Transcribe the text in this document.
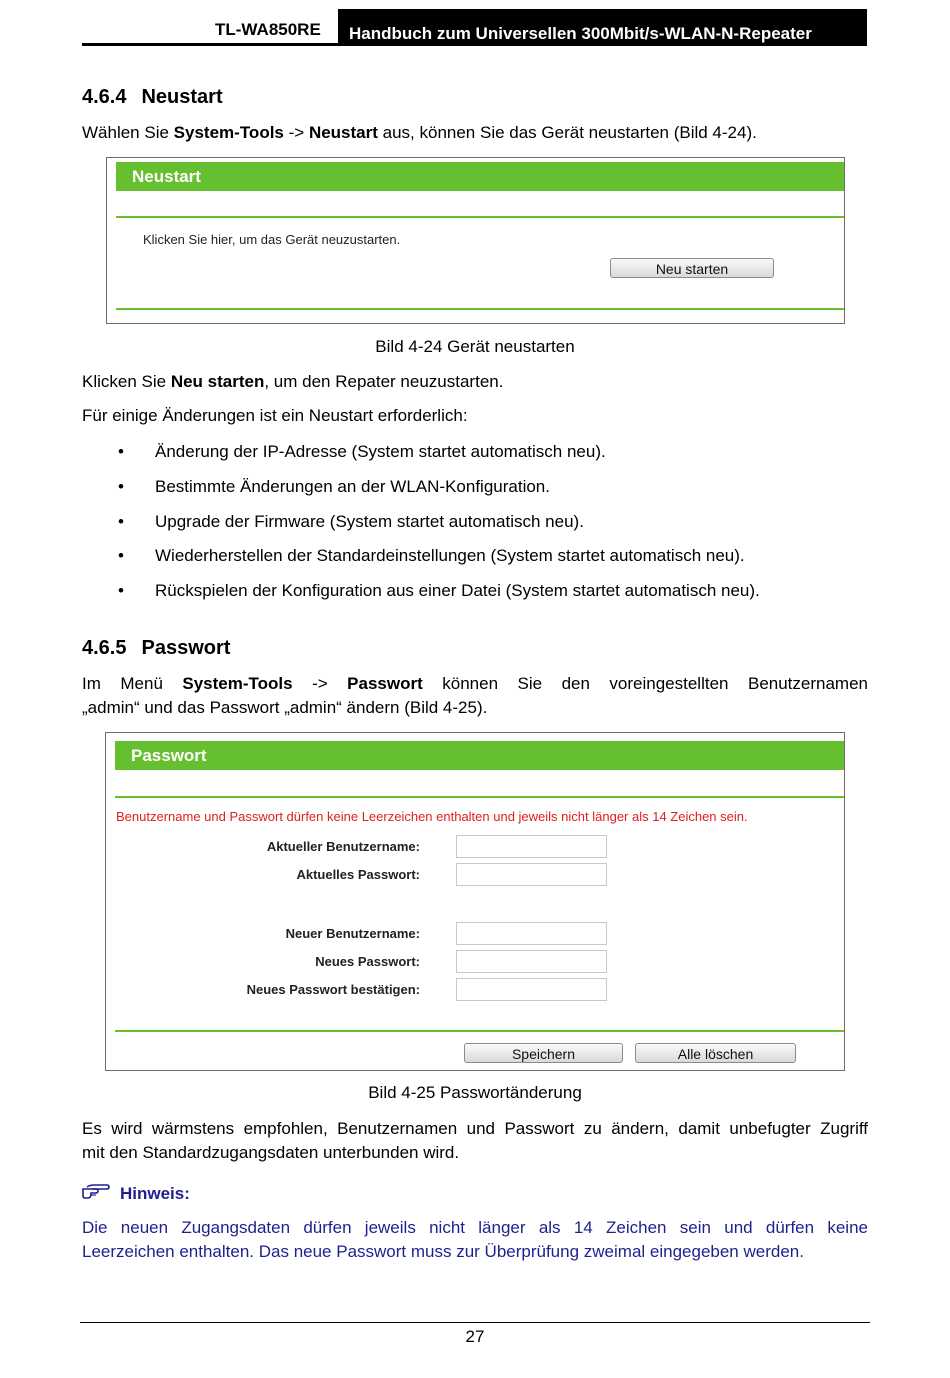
TL-WA850RE	Handbuch zum Universellen 300Mbit/s-WLAN-N-Repeater
4.6.4 Neustart

Wählen Sie System-Tools -> Neustart aus, können Sie das Gerät neustarten (Bild 4-24).

Neustart
Klicken Sie hier, um das Gerät neuzustarten.
Neu starten
Bild 4-24 Gerät neustarten

Klicken Sie Neu starten, um den Repater neuzustarten.

Für einige Änderungen ist ein Neustart erforderlich:

• Änderung der IP-Adresse (System startet automatisch neu).
• Bestimmte Änderungen an der WLAN-Konfiguration.
• Upgrade der Firmware (System startet automatisch neu).
• Wiederherstellen der Standardeinstellungen (System startet automatisch neu).
• Rückspielen der Konfiguration aus einer Datei (System startet automatisch neu).
4.6.5 Passwort

Im Menü System-Tools -> Passwort können Sie den voreingestellten Benutzernamen

„admin“ und das Passwort „admin“ ändern (Bild 4-25).

Passwort
Benutzername und Passwort dürfen keine Leerzeichen enthalten und jeweils nicht länger als 14 Zeichen sein.
Aktueller Benutzername:
Aktuelles Passwort:
Neuer Benutzername:
Neues Passwort:
Neues Passwort bestätigen:
Speichern	Alle löschen
Bild 4-25 Passwortänderung

Es wird wärmstens empfohlen, Benutzernamen und Passwort zu ändern, damit unbefugter Zugriff

mit den Standardzugangsdaten unterbunden wird.

Hinweis:

Die neuen Zugangsdaten dürfen jeweils nicht länger als 14 Zeichen sein und dürfen keine

Leerzeichen enthalten. Das neue Passwort muss zur Überprüfung zweimal eingegeben werden.

27
